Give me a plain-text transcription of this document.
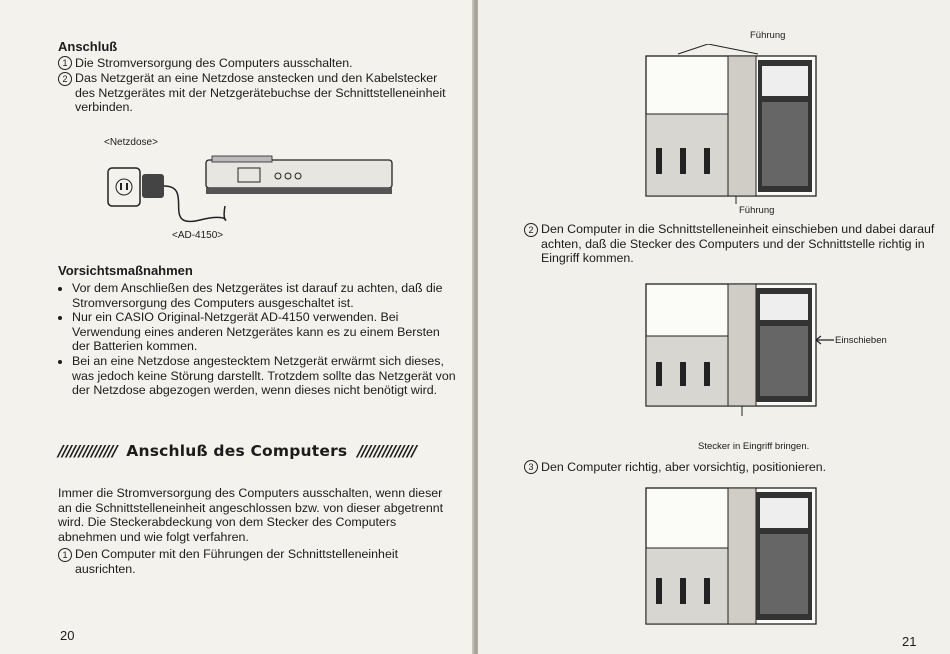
Anschluß
1 Die Stromversorgung des Computers ausschalten.
2 Das Netzgerät an eine Netzdose anstecken und den Kabelstecker des Netzgerätes mit der Netzgerätebuchse der Schnittstelleneinheit verbinden.
<Netzdose>
<AD-4150>
Vorsichtsmaßnahmen
• Vor dem Anschließen des Netzgerätes ist darauf zu achten, daß die Stromversorgung des Computers ausgeschaltet ist.
• Nur ein CASIO Original-Netzgerät AD-4150 verwenden. Bei Verwendung eines anderen Netzgerätes kann es zu einem Bersten der Batterien kommen.
• Bei an eine Netzdose angestecktem Netzgerät erwärmt sich dieses, was jedoch keine Störung darstellt. Trotzdem sollte das Netzgerät von der Netzdose abgezogen werden, wenn dieses nicht benötigt wird.
////////////// Anschluß des Computers //////////////
Immer die Stromversorgung des Computers ausschalten, wenn dieser an die Schnittstelleneinheit angeschlossen bzw. von dieser abgetrennt wird. Die Steckerabdeckung von dem Stecker des Computers abnehmen und wie folgt verfahren.
1 Den Computer mit den Führungen der Schnittstelleneinheit ausrichten.
20
Führung
Führung
2 Den Computer in die Schnittstelleneinheit einschieben und dabei darauf achten, daß die Stecker des Computers und der Schnittstelle richtig in Eingriff kommen.
Einschieben
Stecker in Eingriff bringen.
3 Den Computer richtig, aber vorsichtig, positionieren.
21
